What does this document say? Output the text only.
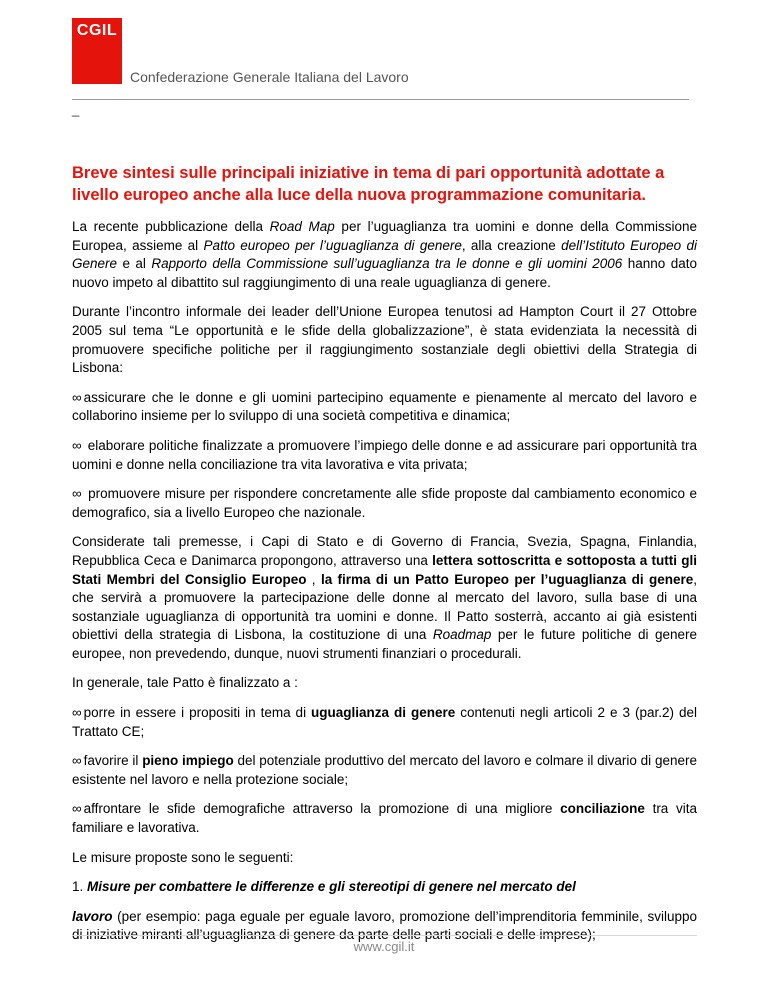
CGIL
Confederazione Generale Italiana del Lavoro
_
Breve sintesi sulle principali iniziative in tema di pari opportunità adottate a livello europeo anche alla luce della nuova programmazione comunitaria.

La recente pubblicazione della Road Map per l’uguaglianza tra uomini e donne della Commissione Europea, assieme al Patto europeo per l’uguaglianza di genere, alla creazione dell’Istituto Europeo di Genere e al Rapporto della Commissione sull’uguaglianza tra le donne e gli uomini 2006 hanno dato nuovo impeto al dibattito sul raggiungimento di una reale uguaglianza di genere.

Durante l’incontro informale dei leader dell’Unione Europea tenutosi ad Hampton Court il 27 Ottobre 2005 sul tema “Le opportunità e le sfide della globalizzazione”, è stata evidenziata la necessità di promuovere specifiche politiche per il raggiungimento sostanziale degli obiettivi della Strategia di Lisbona:

∞ assicurare che le donne e gli uomini partecipino equamente e pienamente al mercato del lavoro e collaborino insieme per lo sviluppo di una società competitiva e dinamica;

∞ elaborare politiche finalizzate a promuovere l’impiego delle donne e ad assicurare pari opportunità tra uomini e donne nella conciliazione tra vita lavorativa e vita privata;

∞ promuovere misure per rispondere concretamente alle sfide proposte dal cambiamento economico e demografico, sia a livello Europeo che nazionale.

Considerate tali premesse, i Capi di Stato e di Governo di Francia, Svezia, Spagna, Finlandia, Repubblica Ceca e Danimarca propongono, attraverso una lettera sottoscritta e sottoposta a tutti gli Stati Membri del Consiglio Europeo , la firma di un Patto Europeo per l’uguaglianza di genere, che servirà a promuovere la partecipazione delle donne al mercato del lavoro, sulla base di una sostanziale uguaglianza di opportunità tra uomini e donne. Il Patto sosterrà, accanto ai già esistenti obiettivi della strategia di Lisbona, la costituzione di una Roadmap per le future politiche di genere europee, non prevedendo, dunque, nuovi strumenti finanziari o procedurali.

In generale, tale Patto è finalizzato a :

∞ porre in essere i propositi in tema di uguaglianza di genere contenuti negli articoli 2 e 3 (par.2) del Trattato CE;

∞ favorire il pieno impiego del potenziale produttivo del mercato del lavoro e colmare il divario di genere esistente nel lavoro e nella protezione sociale;

∞ affrontare le sfide demografiche attraverso la promozione di una migliore conciliazione tra vita familiare e lavorativa.

Le misure proposte sono le seguenti:

1. Misure per combattere le differenze e gli stereotipi di genere nel mercato del

lavoro (per esempio: paga eguale per eguale lavoro, promozione dell’imprenditoria femminile, sviluppo di iniziative miranti all’uguaglianza di genere da parte delle parti sociali e delle imprese);

www.cgil.it
